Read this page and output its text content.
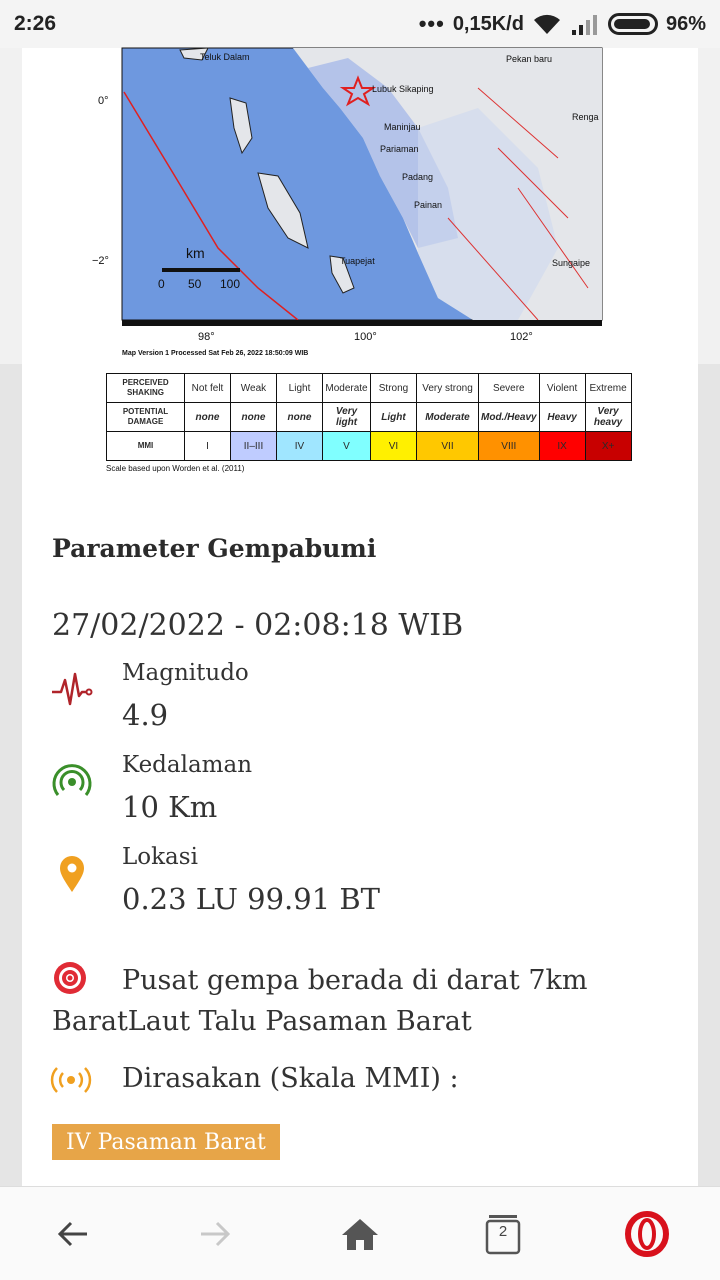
2:26	••• 0,15K/d	96%
Teluk Dalam	Pekan baru
Lubuk Sikaping
Maninjau
Pariaman
Padang
Painan
Tuapejat	Sungaipe
Renga
km
0 50 100
0°
−2°
98°	100°	102°
Map Version 1 Processed Sat Feb 26, 2022 18:50:09 WIB
PERCEIVED SHAKING	Not felt	Weak	Light	Moderate	Strong	Very strong	Severe	Violent	Extreme
POTENTIAL DAMAGE	none	none	none	Very light	Light	Moderate	Mod./Heavy	Heavy	Very heavy
MMI	I	II–III	IV	V	VI	VII	VIII	IX	X+
Scale based upon Worden et al. (2011)
Parameter Gempabumi
27/02/2022 - 02:08:18 WIB
Magnitudo
4.9
Kedalaman
10 Km
Lokasi
0.23 LU 99.91 BT
Pusat gempa berada di darat 7km BaratLaut Talu Pasaman Barat
Dirasakan (Skala MMI) :
IV Pasaman Barat
2
